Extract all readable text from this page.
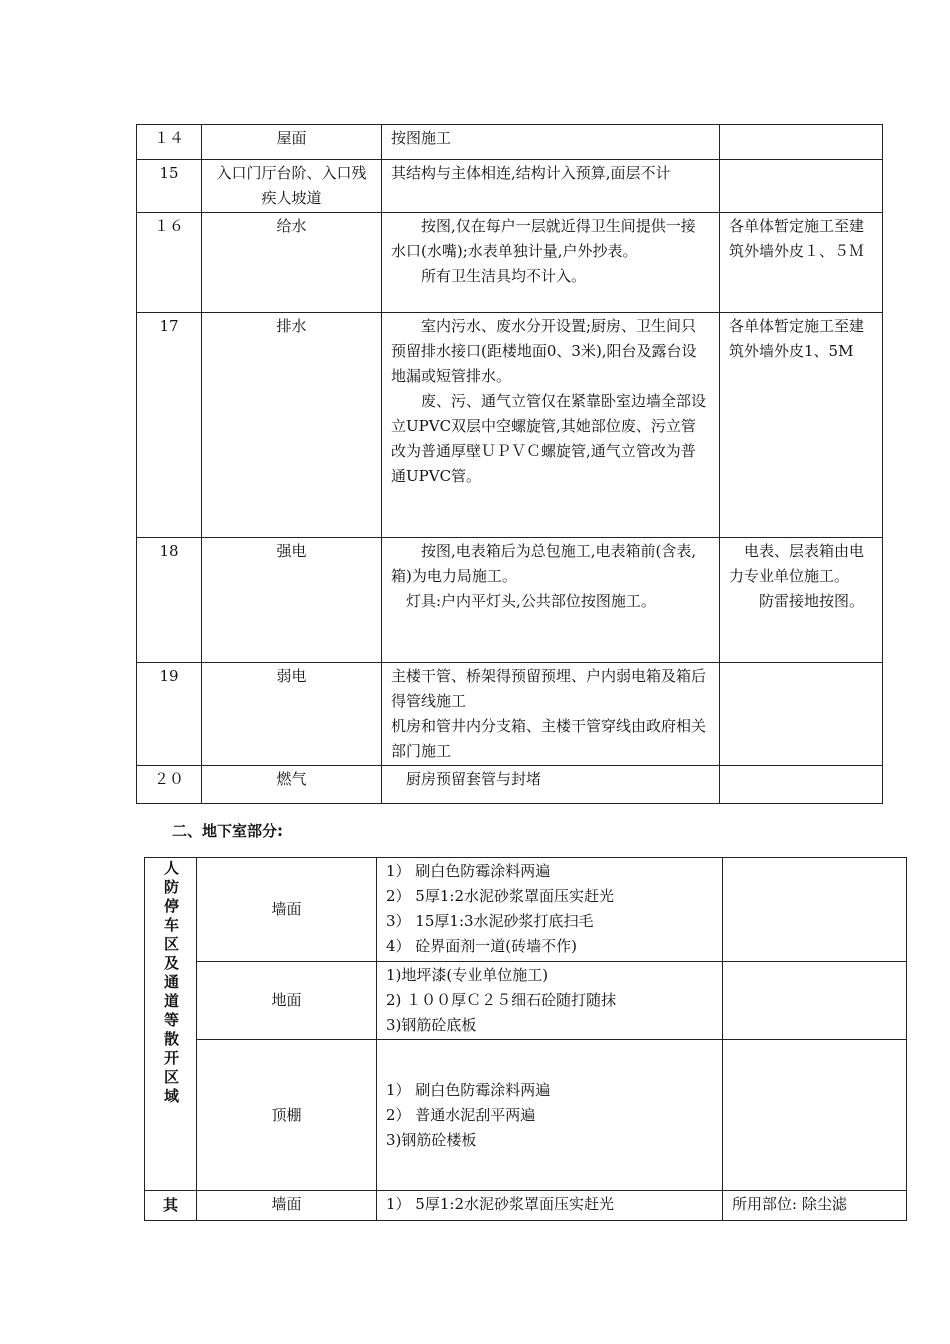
１４	屋面	按图施工	

15	入口门厅台阶、入口残疾人坡道	其结构与主体相连,结构计入预算,面层不计	

１６	给水	按图,仅在每户一层就近得卫生间提供一接水口(水嘴);水表单独计量,户外抄表。
所有卫生洁具均不计入。	各单体暂定施工至建筑外墙外皮１、５Ｍ

17	排水	室内污水、废水分开设置;厨房、卫生间只预留排水接口(距楼地面0、3米),阳台及露台设地漏或短管排水。
废、污、通气立管仅在紧靠卧室边墙全部设立UPVC双层中空螺旋管,其她部位废、污立管改为普通厚壁ＵＰＶＣ螺旋管,通气立管改为普通UPVC管。	各单体暂定施工至建筑外墙外皮1、5M

18	强电	按图,电表箱后为总包施工,电表箱前(含表,箱)为电力局施工。
灯具:户内平灯头,公共部位按图施工。	电表、层表箱由电力专业单位施工。
防雷接地按图。

19	弱电	主楼干管、桥架得预留预埋、户内弱电箱及箱后得管线施工
机房和管井内分支箱、主楼干管穿线由政府相关部门施工	

２０	燃气	厨房预留套管与封堵	

二、地下室部分:
人防停车区及通道等散开区域	墙面	1） 刷白色防霉涂料两遍
2） 5厚1:2水泥砂浆罩面压实赶光
3） 15厚1:3水泥砂浆打底扫毛
4） 砼界面剂一道(砖墙不作)	

	地面	1)地坪漆(专业单位施工)
2) １００厚Ｃ２５细石砼随打随抹
3)钢筋砼底板	

	顶棚	1） 刷白色防霉涂料两遍
2） 普通水泥刮平两遍
3)钢筋砼楼板	

其	墙面	1） 5厚1:2水泥砂浆罩面压实赶光	所用部位: 除尘滤
